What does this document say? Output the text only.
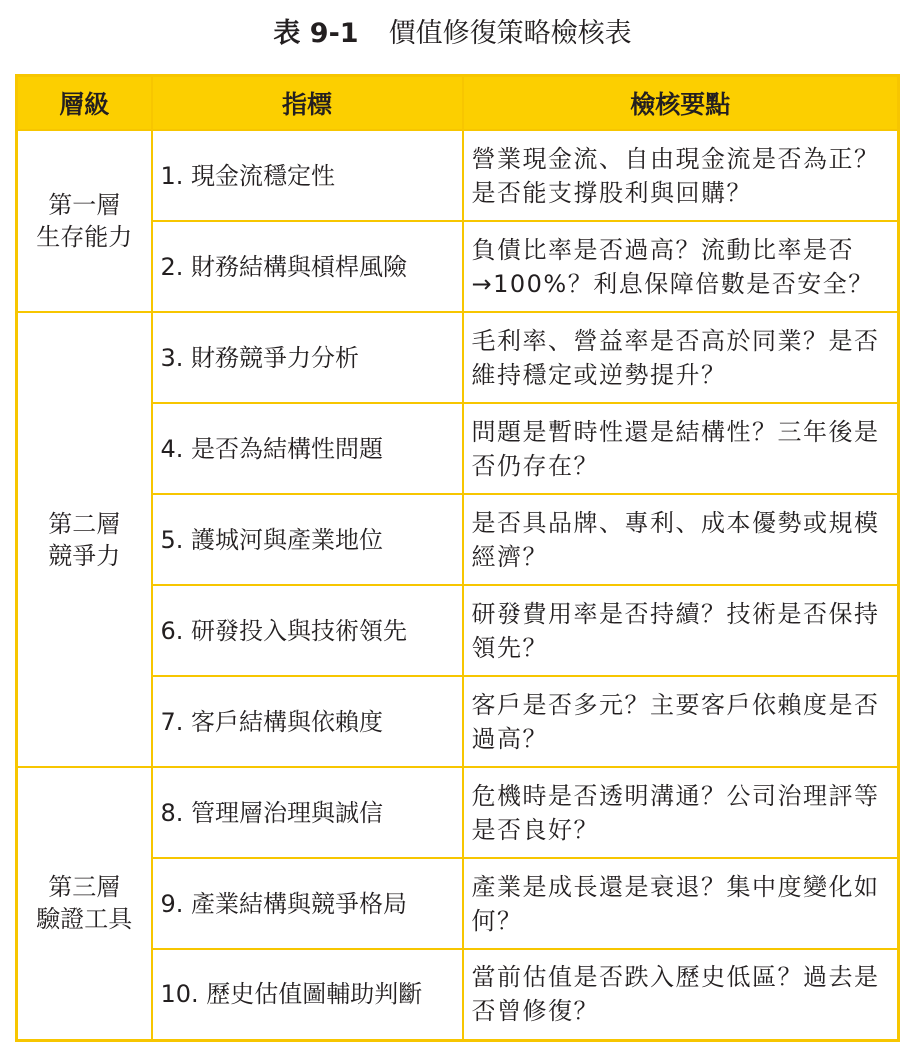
表 9-1 價值修復策略檢核表
層級	指標	檢核要點

第一層
生存能力	1. 現金流穩定性	營業現金流、自由現金流是否為正？是否能支撐股利與回購？
	2. 財務結構與槓桿風險	負債比率是否過高？流動比率是否→100%？利息保障倍數是否安全？

第二層
競爭力	3. 財務競爭力分析	毛利率、營益率是否高於同業？是否維持穩定或逆勢提升？
	4. 是否為結構性問題	問題是暫時性還是結構性？三年後是否仍存在？
	5. 護城河與產業地位	是否具品牌、專利、成本優勢或規模經濟？
	6. 研發投入與技術領先	研發費用率是否持續？技術是否保持領先？
	7. 客戶結構與依賴度	客戶是否多元？主要客戶依賴度是否過高？

第三層
驗證工具	8. 管理層治理與誠信	危機時是否透明溝通？公司治理評等是否良好？
	9. 產業結構與競爭格局	產業是成長還是衰退？集中度變化如何？
	10. 歷史估值圖輔助判斷	當前估值是否跌入歷史低區？過去是否曾修復？
